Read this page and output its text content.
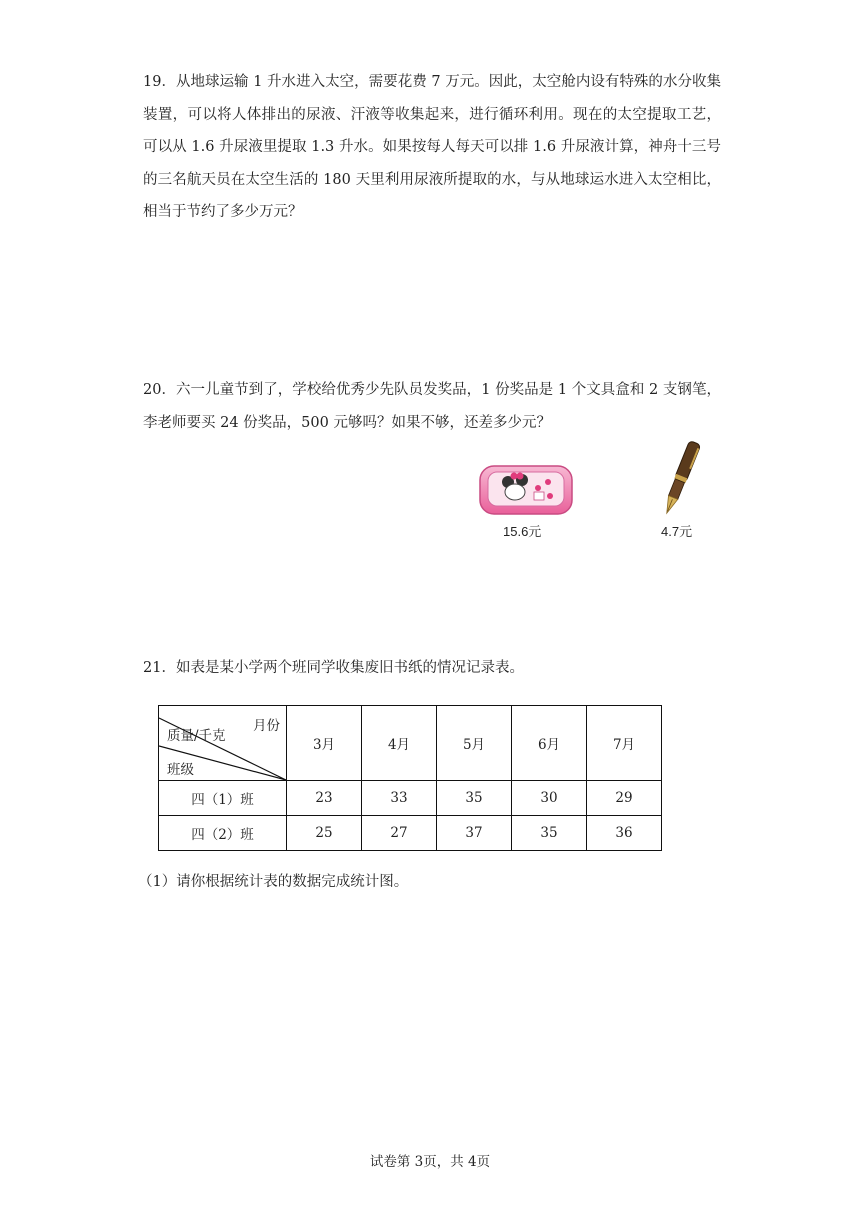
19．从地球运输 1 升水进入太空，需要花费 7 万元。因此，太空舱内设有特殊的水分收集装置，可以将人体排出的尿液、汗液等收集起来，进行循环利用。现在的太空提取工艺，可以从 1.6 升尿液里提取 1.3 升水。如果按每人每天可以排 1.6 升尿液计算，神舟十三号的三名航天员在太空生活的 180 天里利用尿液所提取的水，与从地球运水进入太空相比，相当于节约了多少万元？
20．六一儿童节到了，学校给优秀少先队员发奖品，1 份奖品是 1 个文具盒和 2 支钢笔，李老师要买 24 份奖品，500 元够吗？如果不够，还差多少元？
15.6元	4.7元
21．如表是某小学两个班同学收集废旧书纸的情况记录表。
月份
质量/千克
班级	3月	4月	5月	6月	7月
四（1）班	23	33	35	30	29
四（2）班	25	27	37	35	36
（1）请你根据统计表的数据完成统计图。
试卷第 3页，共 4页
